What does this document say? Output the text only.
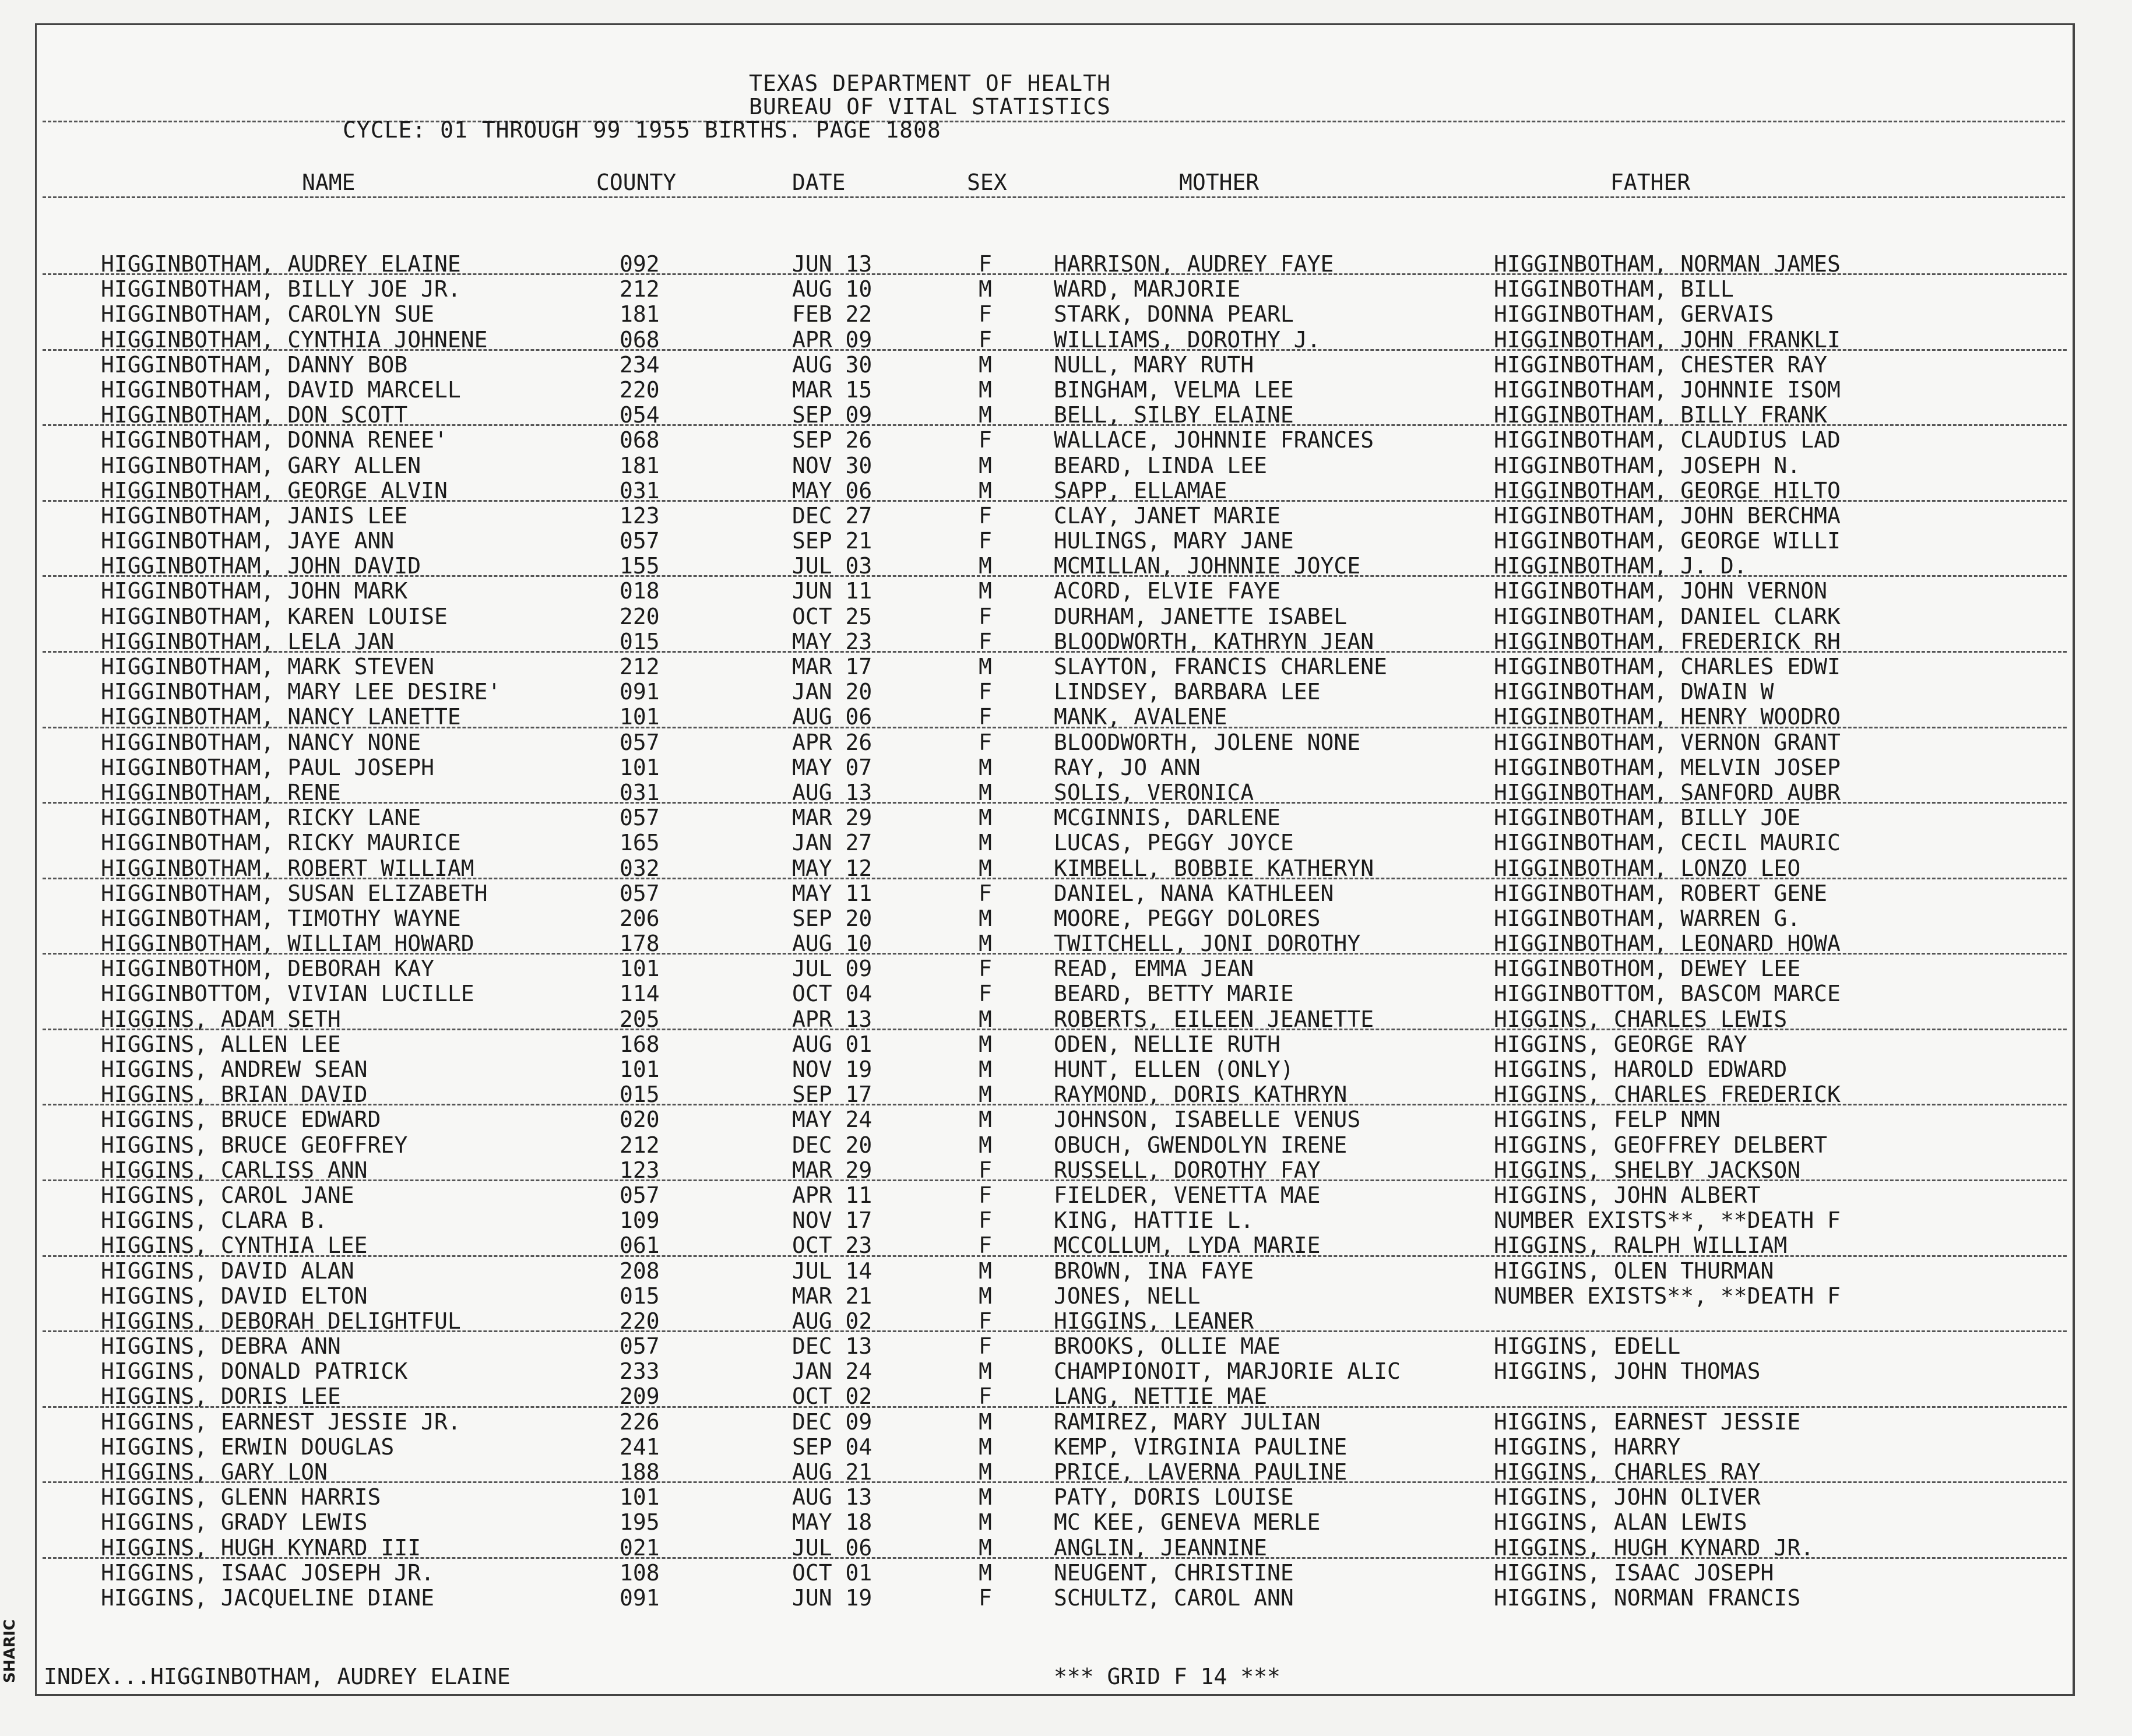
TEXAS DEPARTMENT OF HEALTH
BUREAU OF VITAL STATISTICS
CYCLE: 01 THROUGH 99 1955 BIRTHS. PAGE 1808
NAME	COUNTY	DATE	SEX	MOTHER	FATHER
HIGGINBOTHAM, AUDREY ELAINE	092	JUN 13	F	HARRISON, AUDREY FAYE	HIGGINBOTHAM, NORMAN JAMES
HIGGINBOTHAM, BILLY JOE JR.	212	AUG 10	M	WARD, MARJORIE	HIGGINBOTHAM, BILL
HIGGINBOTHAM, CAROLYN SUE	181	FEB 22	F	STARK, DONNA PEARL	HIGGINBOTHAM, GERVAIS
HIGGINBOTHAM, CYNTHIA JOHNENE	068	APR 09	F	WILLIAMS, DOROTHY J.	HIGGINBOTHAM, JOHN FRANKLI
HIGGINBOTHAM, DANNY BOB	234	AUG 30	M	NULL, MARY RUTH	HIGGINBOTHAM, CHESTER RAY
HIGGINBOTHAM, DAVID MARCELL	220	MAR 15	M	BINGHAM, VELMA LEE	HIGGINBOTHAM, JOHNNIE ISOM
HIGGINBOTHAM, DON SCOTT	054	SEP 09	M	BELL, SILBY ELAINE	HIGGINBOTHAM, BILLY FRANK
HIGGINBOTHAM, DONNA RENEE'	068	SEP 26	F	WALLACE, JOHNNIE FRANCES	HIGGINBOTHAM, CLAUDIUS LAD
HIGGINBOTHAM, GARY ALLEN	181	NOV 30	M	BEARD, LINDA LEE	HIGGINBOTHAM, JOSEPH N.
HIGGINBOTHAM, GEORGE ALVIN	031	MAY 06	M	SAPP, ELLAMAE	HIGGINBOTHAM, GEORGE HILTO
HIGGINBOTHAM, JANIS LEE	123	DEC 27	F	CLAY, JANET MARIE	HIGGINBOTHAM, JOHN BERCHMA
HIGGINBOTHAM, JAYE ANN	057	SEP 21	F	HULINGS, MARY JANE	HIGGINBOTHAM, GEORGE WILLI
HIGGINBOTHAM, JOHN DAVID	155	JUL 03	M	MCMILLAN, JOHNNIE JOYCE	HIGGINBOTHAM, J. D.
HIGGINBOTHAM, JOHN MARK	018	JUN 11	M	ACORD, ELVIE FAYE	HIGGINBOTHAM, JOHN VERNON
HIGGINBOTHAM, KAREN LOUISE	220	OCT 25	F	DURHAM, JANETTE ISABEL	HIGGINBOTHAM, DANIEL CLARK
HIGGINBOTHAM, LELA JAN	015	MAY 23	F	BLOODWORTH, KATHRYN JEAN	HIGGINBOTHAM, FREDERICK RH
HIGGINBOTHAM, MARK STEVEN	212	MAR 17	M	SLAYTON, FRANCIS CHARLENE	HIGGINBOTHAM, CHARLES EDWI
HIGGINBOTHAM, MARY LEE DESIRE'	091	JAN 20	F	LINDSEY, BARBARA LEE	HIGGINBOTHAM, DWAIN W
HIGGINBOTHAM, NANCY LANETTE	101	AUG 06	F	MANK, AVALENE	HIGGINBOTHAM, HENRY WOODRO
HIGGINBOTHAM, NANCY NONE	057	APR 26	F	BLOODWORTH, JOLENE NONE	HIGGINBOTHAM, VERNON GRANT
HIGGINBOTHAM, PAUL JOSEPH	101	MAY 07	M	RAY, JO ANN	HIGGINBOTHAM, MELVIN JOSEP
HIGGINBOTHAM, RENE	031	AUG 13	M	SOLIS, VERONICA	HIGGINBOTHAM, SANFORD AUBR
HIGGINBOTHAM, RICKY LANE	057	MAR 29	M	MCGINNIS, DARLENE	HIGGINBOTHAM, BILLY JOE
HIGGINBOTHAM, RICKY MAURICE	165	JAN 27	M	LUCAS, PEGGY JOYCE	HIGGINBOTHAM, CECIL MAURIC
HIGGINBOTHAM, ROBERT WILLIAM	032	MAY 12	M	KIMBELL, BOBBIE KATHERYN	HIGGINBOTHAM, LONZO LEO
HIGGINBOTHAM, SUSAN ELIZABETH	057	MAY 11	F	DANIEL, NANA KATHLEEN	HIGGINBOTHAM, ROBERT GENE
HIGGINBOTHAM, TIMOTHY WAYNE	206	SEP 20	M	MOORE, PEGGY DOLORES	HIGGINBOTHAM, WARREN G.
HIGGINBOTHAM, WILLIAM HOWARD	178	AUG 10	M	TWITCHELL, JONI DOROTHY	HIGGINBOTHAM, LEONARD HOWA
HIGGINBOTHOM, DEBORAH KAY	101	JUL 09	F	READ, EMMA JEAN	HIGGINBOTHOM, DEWEY LEE
HIGGINBOTTOM, VIVIAN LUCILLE	114	OCT 04	F	BEARD, BETTY MARIE	HIGGINBOTTOM, BASCOM MARCE
HIGGINS, ADAM SETH	205	APR 13	M	ROBERTS, EILEEN JEANETTE	HIGGINS, CHARLES LEWIS
HIGGINS, ALLEN LEE	168	AUG 01	M	ODEN, NELLIE RUTH	HIGGINS, GEORGE RAY
HIGGINS, ANDREW SEAN	101	NOV 19	M	HUNT, ELLEN (ONLY)	HIGGINS, HAROLD EDWARD
HIGGINS, BRIAN DAVID	015	SEP 17	M	RAYMOND, DORIS KATHRYN	HIGGINS, CHARLES FREDERICK
HIGGINS, BRUCE EDWARD	020	MAY 24	M	JOHNSON, ISABELLE VENUS	HIGGINS, FELP NMN
HIGGINS, BRUCE GEOFFREY	212	DEC 20	M	OBUCH, GWENDOLYN IRENE	HIGGINS, GEOFFREY DELBERT
HIGGINS, CARLISS ANN	123	MAR 29	F	RUSSELL, DOROTHY FAY	HIGGINS, SHELBY JACKSON
HIGGINS, CAROL JANE	057	APR 11	F	FIELDER, VENETTA MAE	HIGGINS, JOHN ALBERT
HIGGINS, CLARA B.	109	NOV 17	F	KING, HATTIE L.	NUMBER EXISTS**, **DEATH F
HIGGINS, CYNTHIA LEE	061	OCT 23	F	MCCOLLUM, LYDA MARIE	HIGGINS, RALPH WILLIAM
HIGGINS, DAVID ALAN	208	JUL 14	M	BROWN, INA FAYE	HIGGINS, OLEN THURMAN
HIGGINS, DAVID ELTON	015	MAR 21	M	JONES, NELL	NUMBER EXISTS**, **DEATH F
HIGGINS, DEBORAH DELIGHTFUL	220	AUG 02	F	HIGGINS, LEANER
HIGGINS, DEBRA ANN	057	DEC 13	F	BROOKS, OLLIE MAE	HIGGINS, EDELL
HIGGINS, DONALD PATRICK	233	JAN 24	M	CHAMPIONOIT, MARJORIE ALIC	HIGGINS, JOHN THOMAS
HIGGINS, DORIS LEE	209	OCT 02	F	LANG, NETTIE MAE
HIGGINS, EARNEST JESSIE JR.	226	DEC 09	M	RAMIREZ, MARY JULIAN	HIGGINS, EARNEST JESSIE
HIGGINS, ERWIN DOUGLAS	241	SEP 04	M	KEMP, VIRGINIA PAULINE	HIGGINS, HARRY
HIGGINS, GARY LON	188	AUG 21	M	PRICE, LAVERNA PAULINE	HIGGINS, CHARLES RAY
HIGGINS, GLENN HARRIS	101	AUG 13	M	PATY, DORIS LOUISE	HIGGINS, JOHN OLIVER
HIGGINS, GRADY LEWIS	195	MAY 18	M	MC KEE, GENEVA MERLE	HIGGINS, ALAN LEWIS
HIGGINS, HUGH KYNARD III	021	JUL 06	M	ANGLIN, JEANNINE	HIGGINS, HUGH KYNARD JR.
HIGGINS, ISAAC JOSEPH JR.	108	OCT 01	M	NEUGENT, CHRISTINE	HIGGINS, ISAAC JOSEPH
HIGGINS, JACQUELINE DIANE	091	JUN 19	F	SCHULTZ, CAROL ANN	HIGGINS, NORMAN FRANCIS
INDEX...HIGGINBOTHAM, AUDREY ELAINE	*** GRID F 14 ***
SHARIC
